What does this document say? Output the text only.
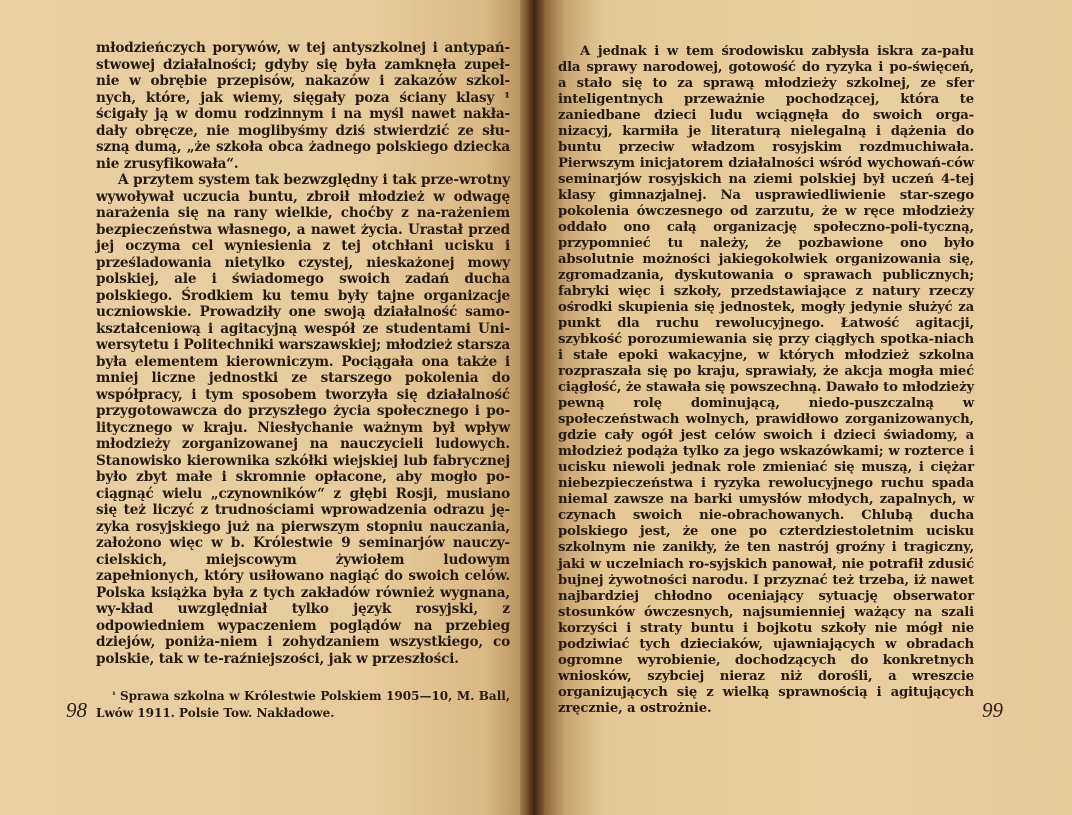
młodzieńczych porywów, w tej antyszkolnej i antypań-stwowej działalności; gdyby się była zamknęła zupeł-nie w obrębie przepisów, nakazów i zakazów szkol-nych, które, jak wiemy, sięgały poza ściany klasy ¹ ścigały ją w domu rodzinnym i na myśl nawet nakła-dały obręcze, nie moglibyśmy dziś stwierdzić ze słu-szną dumą, „że szkoła obca żadnego polskiego dziecka nie zrusyfikowała“.

A przytem system tak bezwzględny i tak prze-wrotny wywoływał uczucia buntu, zbroił młodzież w odwagę narażenia się na rany wielkie, choćby z na-rażeniem bezpieczeństwa własnego, a nawet życia. Urastał przed jej oczyma cel wyniesienia z tej otchłani ucisku i prześladowania nietylko czystej, nieskażonej mowy polskiej, ale i świadomego swoich zadań ducha polskiego. Środkiem ku temu były tajne organizacje uczniowskie. Prowadziły one swoją działalność samo-kształceniową i agitacyjną wespół ze studentami Uni-wersytetu i Politechniki warszawskiej; młodzież starsza była elementem kierowniczym. Pociągała ona także i mniej liczne jednostki ze starszego pokolenia do współpracy, i tym sposobem tworzyła się działalność przygotowawcza do przyszłego życia społecznego i po-litycznego w kraju. Niesłychanie ważnym był wpływ młodzieży zorganizowanej na nauczycieli ludowych. Stanowisko kierownika szkółki wiejskiej lub fabrycznej było zbyt małe i skromnie opłacone, aby mogło po-ciągnąć wielu „czynowników“ z głębi Rosji, musiano się też liczyć z trudnościami wprowadzenia odrazu ję-zyka rosyjskiego już na pierwszym stopniu nauczania, założono więc w b. Królestwie 9 seminarjów nauczy-cielskich, miejscowym żywiołem ludowym zapełnionych, który usiłowano nagiąć do swoich celów. Polska książka była z tych zakładów również wygnana, wy-kład uwzględniał tylko język rosyjski, z odpowiedniem wypaczeniem poglądów na przebieg dziejów, poniża-niem i zohydzaniem wszystkiego, co polskie, tak w te-raźniejszości, jak w przeszłości.

¹ Sprawa szkolna w Królestwie Polskiem 1905—10, M. Ball, Lwów 1911. Polsie Tow. Nakładowe.
98

A jednak i w tem środowisku zabłysła iskra za-pału dla sprawy narodowej, gotowość do ryzyka i po-święceń, a stało się to za sprawą młodzieży szkolnej, ze sfer inteligentnych przeważnie pochodzącej, która te zaniedbane dzieci ludu wciągnęła do swoich orga-nizacyj, karmiła je literaturą nielegalną i dążenia do buntu przeciw władzom rosyjskim rozdmuchiwała. Pierwszym inicjatorem działalności wśród wychowań-ców seminarjów rosyjskich na ziemi polskiej był uczeń 4-tej klasy gimnazjalnej. Na usprawiedliwienie star-szego pokolenia ówczesnego od zarzutu, że w ręce młodzieży oddało ono całą organizację społeczno-poli-tyczną, przypomnieć tu należy, że pozbawione ono było absolutnie możności jakiegokolwiek organizowania się, zgromadzania, dyskutowania o sprawach publicznych; fabryki więc i szkoły, przedstawiające z natury rzeczy ośrodki skupienia się jednostek, mogły jedynie służyć za punkt dla ruchu rewolucyjnego. Łatwość agitacji, szybkość porozumiewania się przy ciągłych spotka-niach i stałe epoki wakacyjne, w których młodzież szkolna rozpraszała się po kraju, sprawiały, że akcja mogła mieć ciągłość, że stawała się powszechną. Dawało to młodzieży pewną rolę dominującą, niedo-puszczalną w społeczeństwach wolnych, prawidłowo zorganizowanych, gdzie cały ogół jest celów swoich i dzieci świadomy, a młodzież podąża tylko za jego wskazówkami; w rozterce i ucisku niewoli jednak role zmieniać się muszą, i ciężar niebezpieczeństwa i ryzyka rewolucyjnego ruchu spada niemal zawsze na barki umysłów młodych, zapalnych, w czynach swoich nie-obrachowanych. Chlubą ducha polskiego jest, że one po czterdziestoletnim ucisku szkolnym nie zanikły, że ten nastrój groźny i tragiczny, jaki w uczelniach ro-syjskich panował, nie potrafił zdusić bujnej żywotności narodu. I przyznać też trzeba, iż nawet najbardziej chłodno oceniający sytuację obserwator stosunków ówczesnych, najsumienniej ważący na szali korzyści i straty buntu i bojkotu szkoły nie mógł nie podziwiać tych dzieciaków, ujawniających w obradach ogromne wyrobienie, dochodzących do konkretnych wniosków, szybciej nieraz niż dorośli, a wreszcie organizujących się z wielką sprawnością i agitujących zręcznie, a ostrożnie.	99
